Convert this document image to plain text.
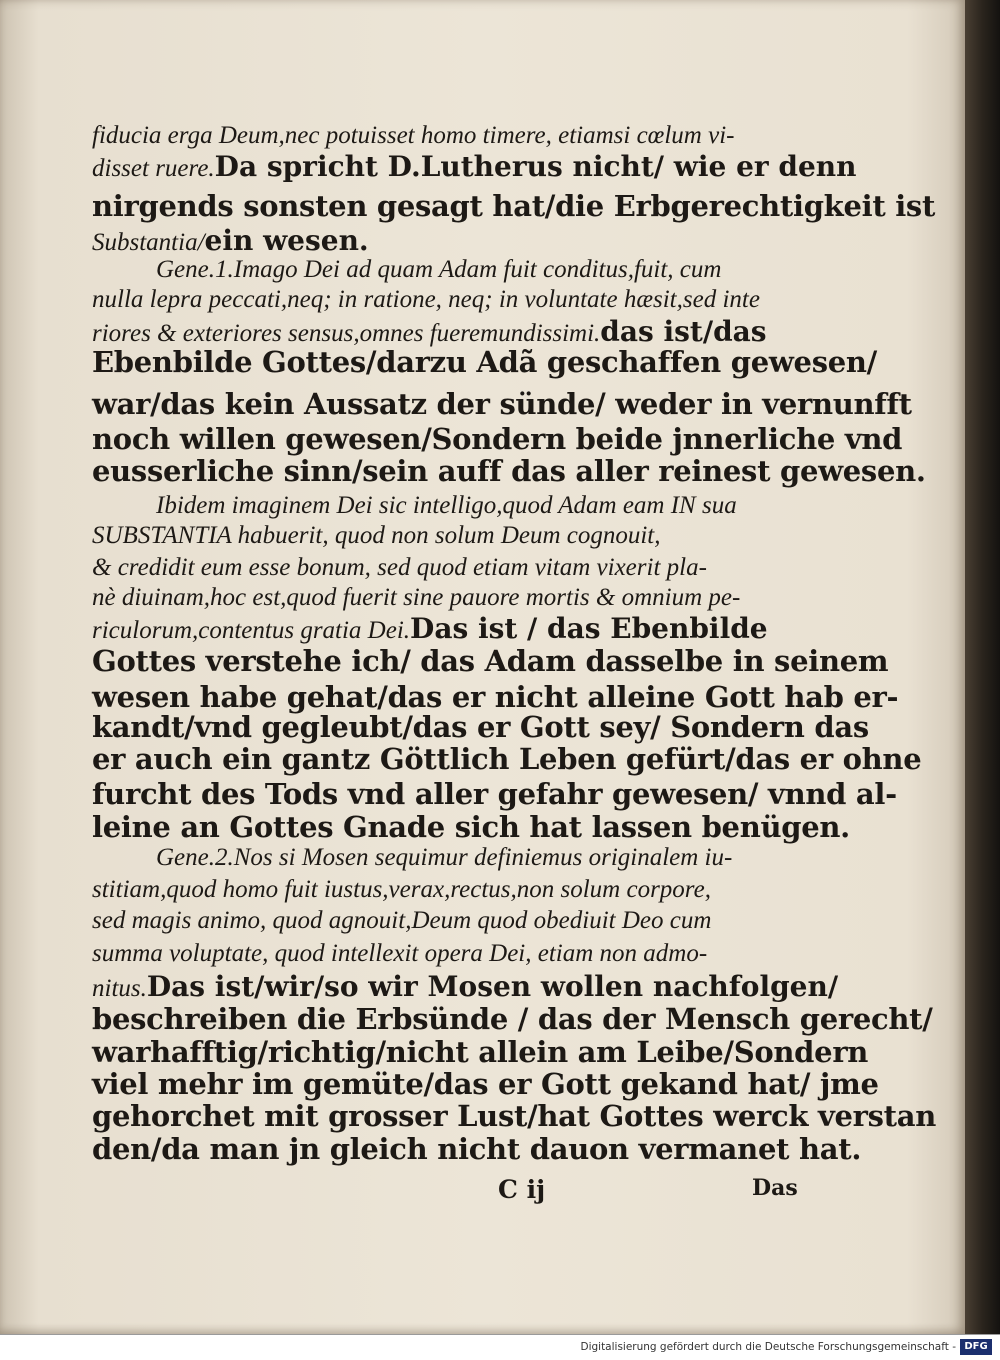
fiducia erga Deum,nec potuisset homo timere, etiamsi cœlum vi-
disset ruere.Da spricht D.Lutherus nicht/ wie er denn
nirgends sonsten gesagt hat/die Erbgerechtigkeit ist
Substantia/ein wesen.
Gene.1.Imago Dei ad quam Adam fuit conditus,fuit, cum
nulla lepra peccati,neq; in ratione, neq; in voluntate hæsit,sed inte
riores & exteriores sensus,omnes fueremundissimi.das ist/das
Ebenbilde Gottes/darzu Adã geschaffen gewesen/
war/das kein Aussatz der sünde/ weder in vernunfft
noch willen gewesen/Sondern beide jnnerliche vnd
eusserliche sinn/sein auff das aller reinest gewesen.
Ibidem imaginem Dei sic intelligo,quod Adam eam IN sua
SUBSTANTIA habuerit, quod non solum Deum cognouit,
& credidit eum esse bonum, sed quod etiam vitam vixerit pla-
nè diuinam,hoc est,quod fuerit sine pauore mortis & omnium pe-
riculorum,contentus gratia Dei.Das ist / das Ebenbilde
Gottes verstehe ich/ das Adam dasselbe in seinem
wesen habe gehat/das er nicht alleine Gott hab er-
kandt/vnd gegleubt/das er Gott sey/ Sondern das
er auch ein gantz Göttlich Leben gefürt/das er ohne
furcht des Tods vnd aller gefahr gewesen/ vnnd al-
leine an Gottes Gnade sich hat lassen benügen.
Gene.2.Nos si Mosen sequimur definiemus originalem iu-
stitiam,quod homo fuit iustus,verax,rectus,non solum corpore,
sed magis animo, quod agnouit,Deum quod obediuit Deo cum
summa voluptate, quod intellexit opera Dei, etiam non admo-
nitus.Das ist/wir/so wir Mosen wollen nachfolgen/
beschreiben die Erbsünde / das der Mensch gerecht/
warhafftig/richtig/nicht allein am Leibe/Sondern
viel mehr im gemüte/das er Gott gekand hat/ jme
gehorchet mit grosser Lust/hat Gottes werck verstan
den/da man jn gleich nicht dauon vermanet hat.
C ij	Das
Digitalisierung gefördert durch die Deutsche Forschungsgemeinschaft - DFG
